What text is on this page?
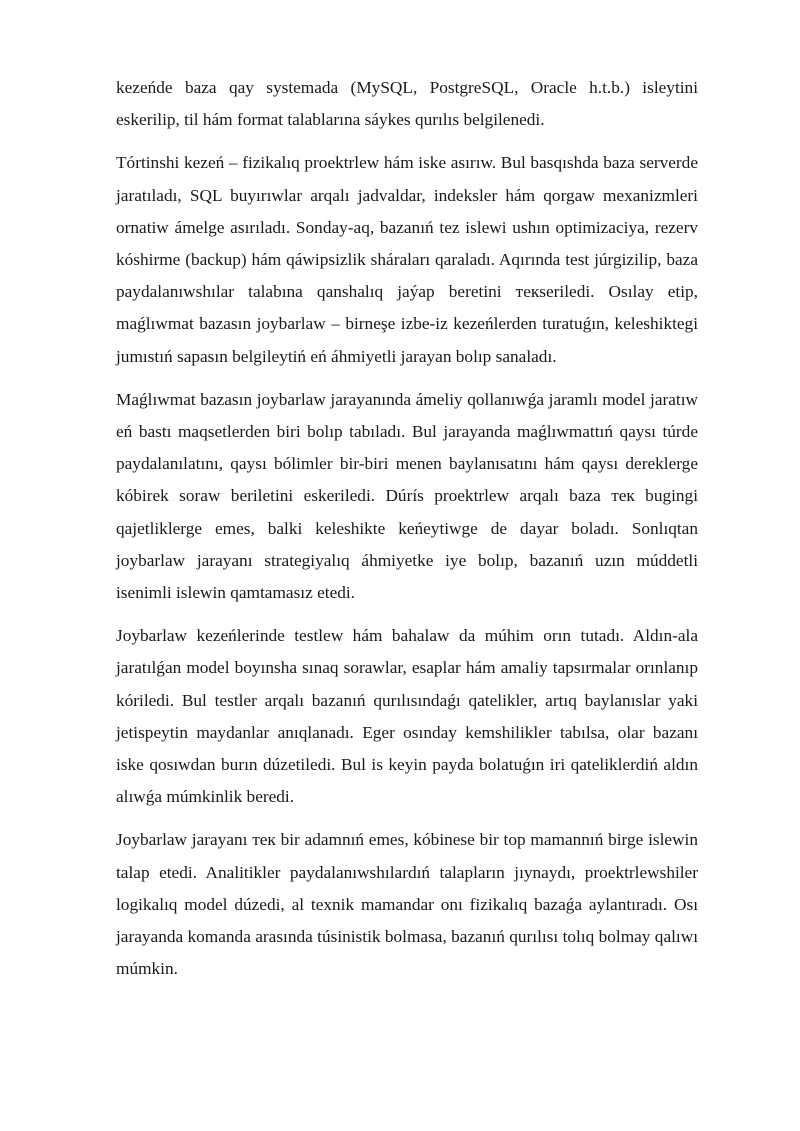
kezeńde baza qay systemada (MySQL, PostgreSQL, Oracle h.t.b.) isleytini eskerilip, til hám format talablarına sáykes qurılıs belgilenedi.

Tórtinshi kezeń – fizikalıq proektrlew hám iske asırıw. Bul basqıshda baza serverde jaratıladı, SQL buyırıwlar arqalı jadvaldar, indeksler hám qorgaw mexanizmleri ornatiw ámelge asırıladı. Sonday-aq, bazanıń tez islewi ushın optimizaciya, rezerv kóshirme (backup) hám qáwipsizlik sháraları qaraladı. Aqırında test júrgizilip, baza paydalanıwshılar talabına qanshalıq jaýap beretini текseriledi. Osılay etip, maǵlıwmat bazasın joybarlaw – birneşe izbe-iz kezeńlerden turatuǵın, keleshiktegi jumıstıń sapasın belgileytiń eń áhmiyetli jarayan bolıp sanaladı.

Maǵlıwmat bazasın joybarlaw jarayanında ámeliy qollanıwǵa jaramlı model jaratıw eń bastı maqsetlerden biri bolıp tabıladı. Bul jarayanda maǵlıwmattıń qaysı túrde paydalanılatını, qaysı bólimler bir-biri menen baylanısatını hám qaysı dereklerge kóbirek soraw beriletini eskeriledi. Dúrís proektrlew arqalı baza тек bugingi qajetliklerge emes, balki keleshikte keńeytiwge de dayar boladı. Sonlıqtan joybarlaw jarayanı strategiyalıq áhmiyetke iye bolıp, bazanıń uzın múddetli isenimli islewin qamtamasız etedi.

Joybarlaw kezeńlerinde testlew hám bahalaw da múhim orın tutadı. Aldın-ala jaratılǵan model boyınsha sınaq sorawlar, esaplar hám amaliy tapsırmalar orınlanıp kóriledi. Bul testler arqalı bazanıń qurılısındaǵı qatelikler, artıq baylanıslar yaki jetispeytin maydanlar anıqlanadı. Eger osınday kemshilikler tabılsa, olar bazanı iske qosıwdan burın dúzetiledi. Bul is keyin payda bolatuǵın iri qateliklerdiń aldın alıwǵa múmkinlik beredi.

Joybarlaw jarayanı тек bir adamnıń emes, kóbinese bir top mamannıń birge islewin talap etedi. Analitikler paydalanıwshılardıń talapların jıynaydı, proektrlewshiler logikalıq model dúzedi, al texnik mamandar onı fizikalıq bazaǵa aylantıradı. Osı jarayanda komanda arasında túsinistik bolmasa, bazanıń qurılısı tolıq bolmay qalıwı múmkin.
